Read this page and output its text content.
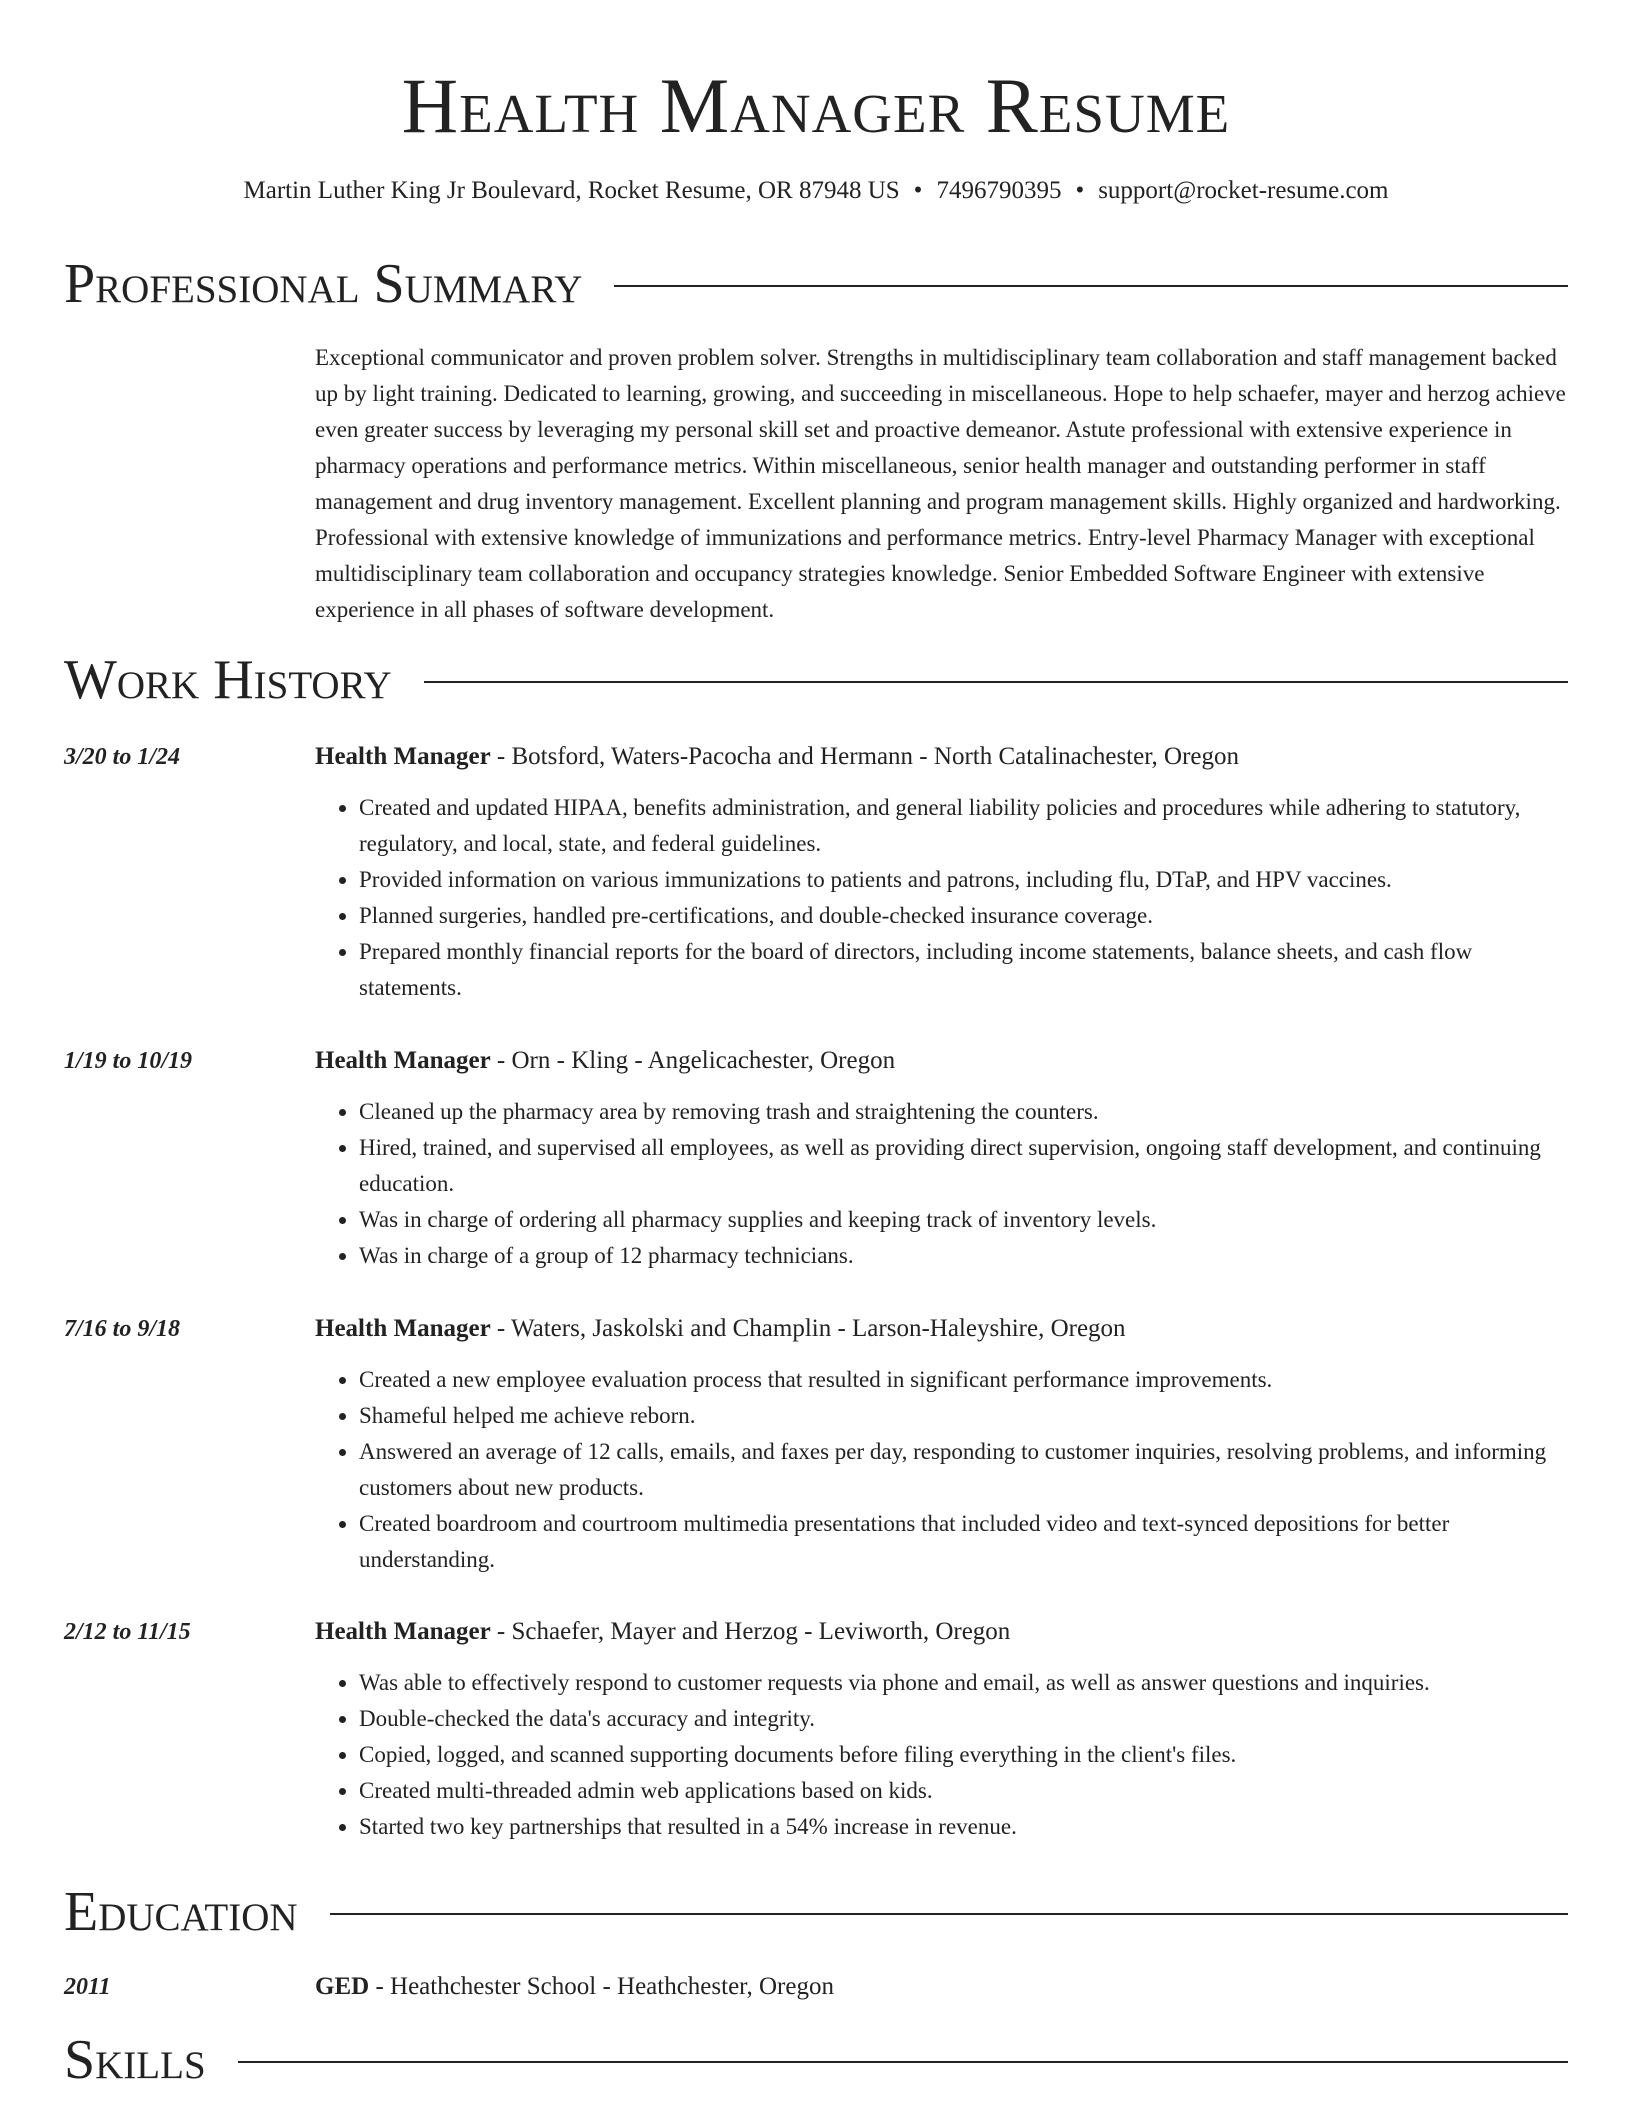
Health Manager Resume
Martin Luther King Jr Boulevard, Rocket Resume, OR 87948 US • 7496790395 • support@rocket-resume.com
Professional Summary
Exceptional communicator and proven problem solver. Strengths in multidisciplinary team collaboration and staff management backed up by light training. Dedicated to learning, growing, and succeeding in miscellaneous. Hope to help schaefer, mayer and herzog achieve even greater success by leveraging my personal skill set and proactive demeanor. Astute professional with extensive experience in pharmacy operations and performance metrics. Within miscellaneous, senior health manager and outstanding performer in staff management and drug inventory management. Excellent planning and program management skills. Highly organized and hardworking. Professional with extensive knowledge of immunizations and performance metrics. Entry-level Pharmacy Manager with exceptional multidisciplinary team collaboration and occupancy strategies knowledge. Senior Embedded Software Engineer with extensive experience in all phases of software development.
Work History
3/20 to 1/24	Health Manager - Botsford, Waters-Pacocha and Hermann - North Catalinachester, Oregon
• Created and updated HIPAA, benefits administration, and general liability policies and procedures while adhering to statutory, regulatory, and local, state, and federal guidelines.
• Provided information on various immunizations to patients and patrons, including flu, DTaP, and HPV vaccines.
• Planned surgeries, handled pre-certifications, and double-checked insurance coverage.
• Prepared monthly financial reports for the board of directors, including income statements, balance sheets, and cash flow statements.
1/19 to 10/19	Health Manager - Orn - Kling - Angelicachester, Oregon
• Cleaned up the pharmacy area by removing trash and straightening the counters.
• Hired, trained, and supervised all employees, as well as providing direct supervision, ongoing staff development, and continuing education.
• Was in charge of ordering all pharmacy supplies and keeping track of inventory levels.
• Was in charge of a group of 12 pharmacy technicians.
7/16 to 9/18	Health Manager - Waters, Jaskolski and Champlin - Larson-Haleyshire, Oregon
• Created a new employee evaluation process that resulted in significant performance improvements.
• Shameful helped me achieve reborn.
• Answered an average of 12 calls, emails, and faxes per day, responding to customer inquiries, resolving problems, and informing customers about new products.
• Created boardroom and courtroom multimedia presentations that included video and text-synced depositions for better understanding.
2/12 to 11/15	Health Manager - Schaefer, Mayer and Herzog - Leviworth, Oregon
• Was able to effectively respond to customer requests via phone and email, as well as answer questions and inquiries.
• Double-checked the data's accuracy and integrity.
• Copied, logged, and scanned supporting documents before filing everything in the client's files.
• Created multi-threaded admin web applications based on kids.
• Started two key partnerships that resulted in a 54% increase in revenue.
Education
2011	GED - Heathchester School - Heathchester, Oregon
Skills
